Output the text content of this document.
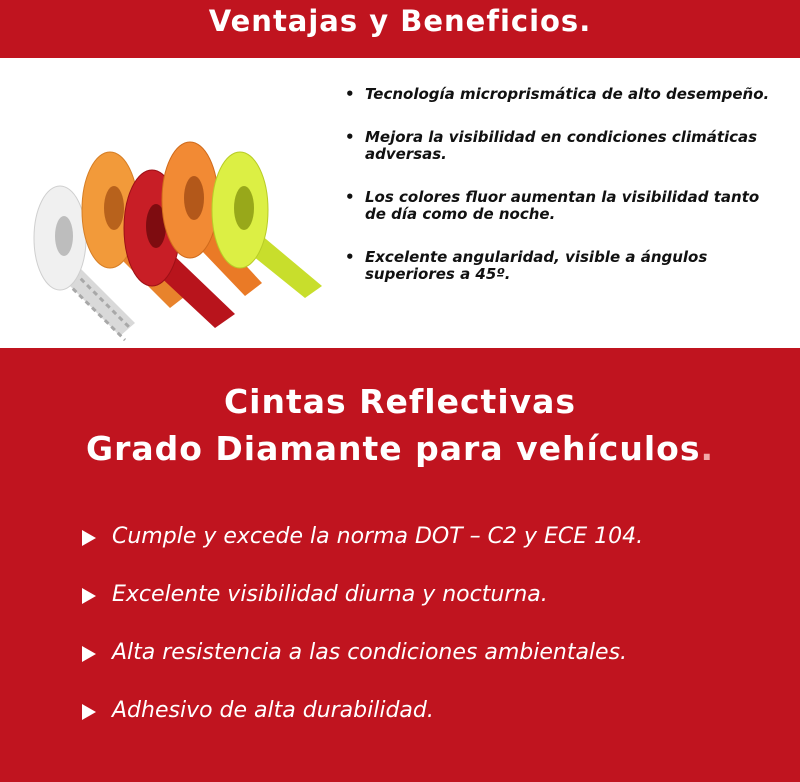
Ventajas y Beneficios.
• Tecnología microprismática de alto desempeño.
• Mejora la visibilidad en condiciones climáticas adversas.
• Los colores fluor aumentan la visibilidad tanto de día como de noche.
• Excelente angularidad, visible a ángulos superiores a 45º.
Cintas Reflectivas
Grado Diamante para vehículos.
Cumple y excede la norma DOT – C2 y ECE 104.
Excelente visibilidad diurna y nocturna.
Alta resistencia a las condiciones ambientales.
Adhesivo de alta durabilidad.
